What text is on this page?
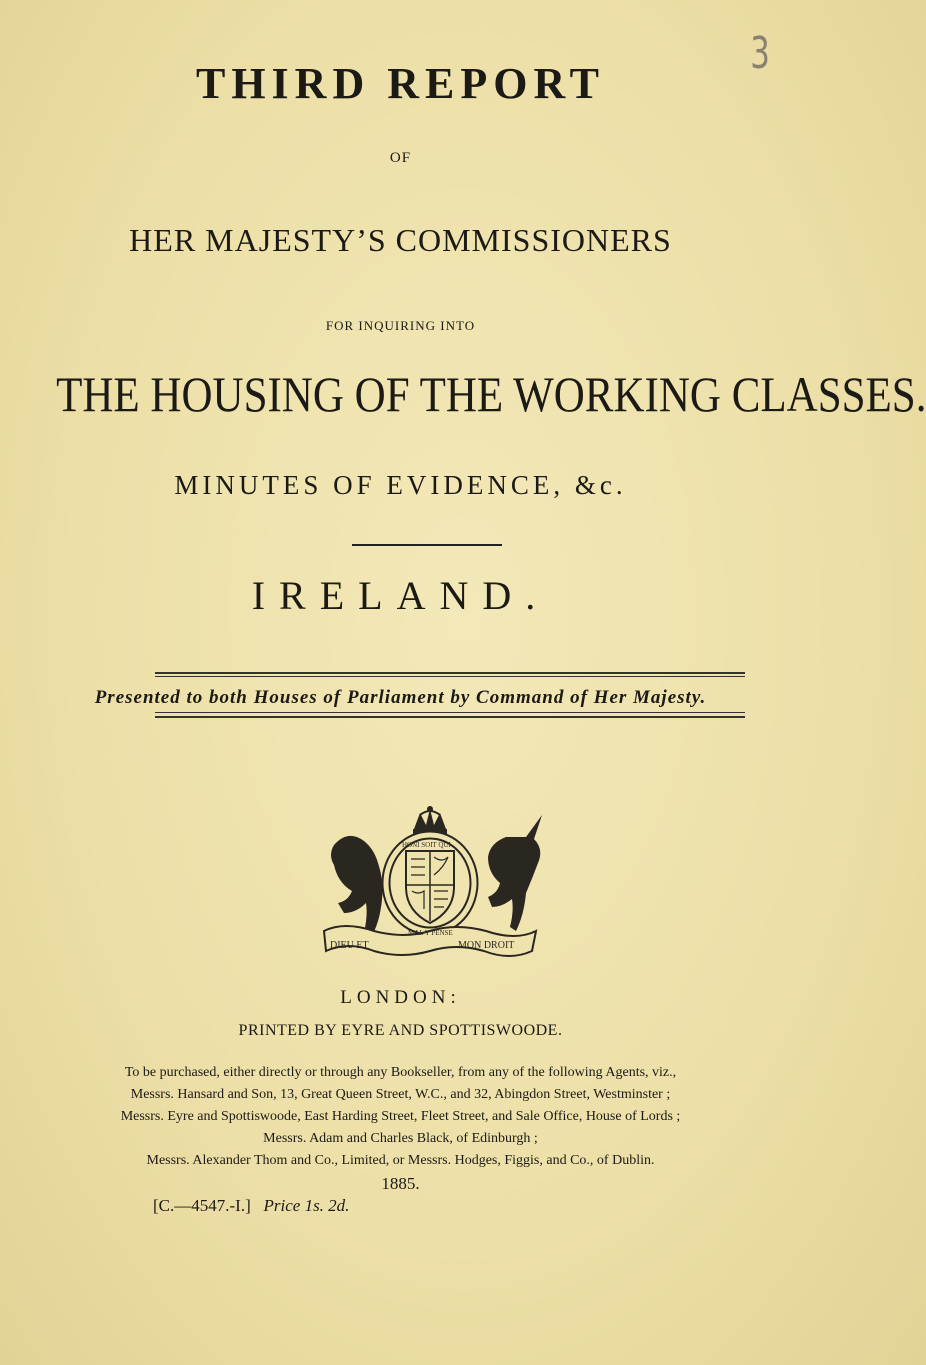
3
THIRD REPORT
OF
HER MAJESTY’S COMMISSIONERS
FOR INQUIRING INTO
THE HOUSING OF THE WORKING CLASSES.
MINUTES OF EVIDENCE, &c.
IRELAND.
Presented to both Houses of Parliament by Command of Her Majesty.
DIEU ET	MON DROIT
HONI SOIT QUI
MAL Y PENSE
LONDON:
PRINTED BY EYRE AND SPOTTISWOODE.
To be purchased, either directly or through any Bookseller, from any of the following Agents, viz.,
Messrs. Hansard and Son, 13, Great Queen Street, W.C., and 32, Abingdon Street, Westminster ;
Messrs. Eyre and Spottiswoode, East Harding Street, Fleet Street, and Sale Office, House of Lords ;
Messrs. Adam and Charles Black, of Edinburgh ;
Messrs. Alexander Thom and Co., Limited, or Messrs. Hodges, Figgis, and Co., of Dublin.
1885.
[C.—4547.-I.] Price 1s. 2d.
